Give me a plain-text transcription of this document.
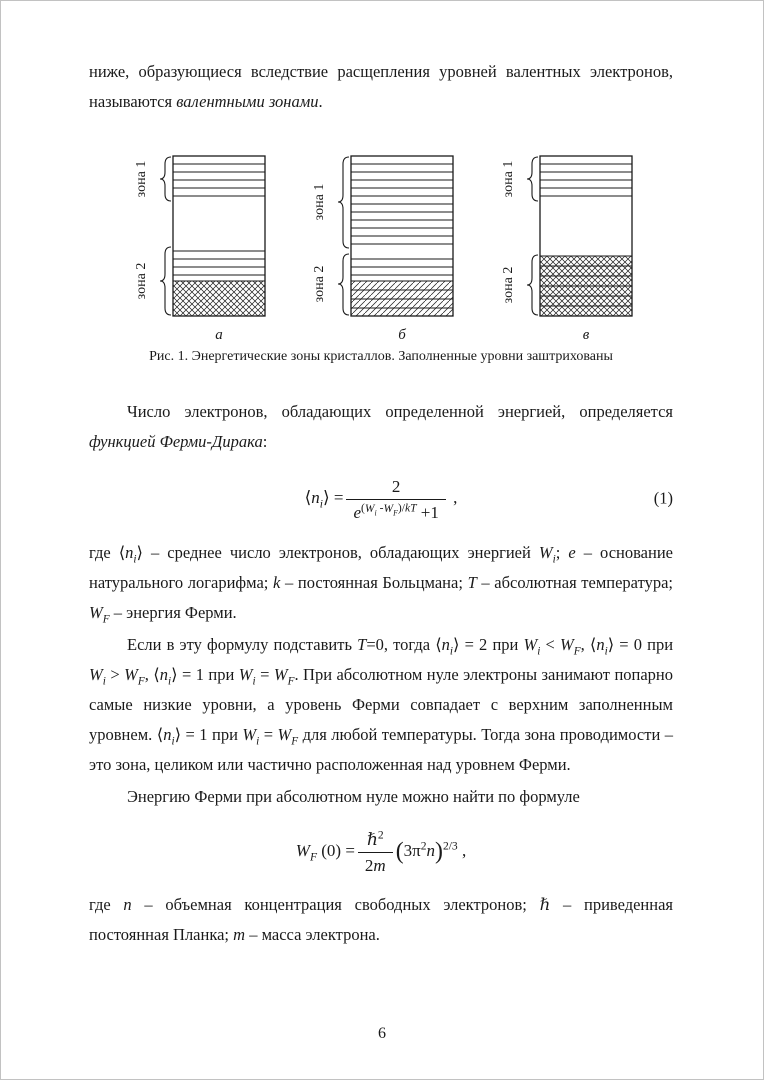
ниже, образующиеся вследствие расщепления уровней валентных электронов, называются валентными зонами.

зона 1
зона 2
а
зона 1
зона 2
б
зона 1
зона 2
в
Рис. 1. Энергетические зоны кристаллов. Заполненные уровни заштрихованы

Число электронов, обладающих определенной энергией, определяется функцией Ферми-Дирака:

$⟨n_i⟩ = \frac{2}{e^{(W_i -W_F)/kT} +1}$ ,	(1)

где $⟨n_i⟩$ – среднее число электронов, обладающих энергией $W_i$; e – основание натурального логарифма; k – постоянная Больцмана; T – абсолютная температура; $W_F$ – энергия Ферми.

Если в эту формулу подставить T=0, тогда $⟨n_i⟩ = 2$ при $W_i < W_F$, $⟨n_i⟩ = 0$ при $W_i > W_F$, $⟨n_i⟩ = 1$ при $W_i = W_F$. При абсолютном нуле электроны занимают попарно самые низкие уровни, а уровень Ферми совпадает с верхним заполненным уровнем. $⟨n_i⟩ = 1$ при $W_i = W_F$ для любой температуры. Тогда зона проводимости – это зона, целиком или частично расположенная над уровнем Ферми.

Энергию Ферми при абсолютном нуле можно найти по формуле

$W_F$ $(0) = \frac{\hbar^2}{2m} (3\pi^2n)^{2/3}$ ,

где n – объемная концентрация свободных электронов; ℏ – приведенная постоянная Планка; m – масса электрона.

6
